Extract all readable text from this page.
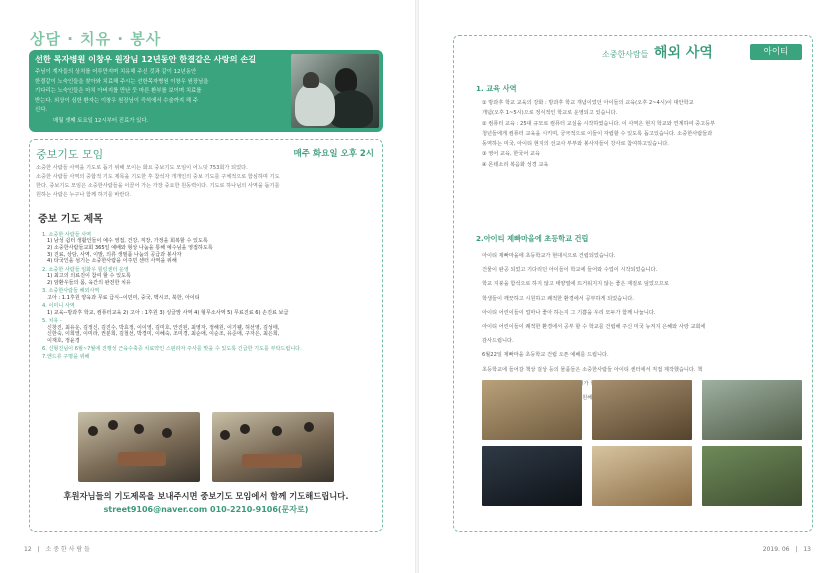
상담 · 치유 · 봉사
선한 목자병원 이창우 원장님 12년동안 한결같은 사랑의 손길
주님이 계자들의 상처를 어루만지며 치유해 주신 것과 같이 12년동안
한결같이 노숙인들을 찾아와 치료해 주시는 선한목자병원 이창우 원장님을
기다리는 노숙인들은 마치 아버지를 만난 듯 마른 환부를 보이며 치료를
받는다. 외상이 심한 환자는 이창우 원장님이 즉석에서 수술까지 해 주
신다.
매월 셋째 토요일 12시부터 진료가 있다.
중보기도 모임	매주 화요일 오후 2시
소중한 사람들 사역을 기도로 돕기 위해 모이는 화요 중보기도 모임이 어느덧 753회가 되었다.
소중한 사람들 사역의 중합적 기도 제목을 기도한 후 참석자 개개인의 중보 기도를 구체적으로 함심하며 기도
한다. 중보기도 모임은 소중한사람들을 이끌어 가는 가장 중요한 원동력이다. 기도로 하나님의 사역을 돕기를
원하는 사람은 누구나 함께 하기를 바란다.
중보 기도 제목
1. 소중한 사람들 사역
1) 남성 쉼터 생활인들이 예수 영접, 건강, 직장, 가정을 회복할 수 있도록
2) 소중한사람들교회 365일 예배와 형상 나눔을 통해 예수님을 영접하도록
3) 진료, 상담, 사역, 이발, 의류 생필품 나눔의 공급과 봉사자
4) 타국인을 섬기는 소중한사람을 이주민 센터 사역을 위해
2. 소중한 사람들 임화우 힐링센터 운영
1) 최고의 의료진이 참여 할 수 있도록
2) 암환우들의 몸, 육간의 완전한 치유
3. 소중한사람들 해외사역
고아 : 1.1후원 양육과 무료 급식--이민미, 중국, 멕시코, 북한, 아이티
4. 이미니 사역
1) 교육--방과후 학교, 컴퓨터교육 2) 고아 : 1후원 3) 싱글맘 사역 4) 형무소사역 5) 무료진료 6) 손진료 보급
5. 치유 -
신창진, 최유운, 김정신, 김진수, 박효정, 이이영, 김미호, 안진된, 최영자, 정해원, 이기웰, 허선영, 김성태,
신한숙, 이희열, 이미라, 권분희, 김철선, 박경미, 이혜숙, 조미경, 최순애, 이순조, 유준애, 구자은, 최은희,
이재호, 정윤경
6. 신형진님이 6월~7월에 진행성 근육수축증 치료약인 스핀라자 주사를 맞을 수 있도록 긴급한 기도를 부탁드립니다.
7.앤드류 구명을 위해
후원자님들의 기도제목을 보내주시면 중보기도 모임에서 함께 기도해드립니다.
street9106@naver.com 010-2210-9106(문자로)
12 | 소 중 한 사 람 들
소중한사람들 해외 사역	아이티
1. 교육 사역
① 방과후 학교 교육의 강화 : 방과후 학교 개념이었던 아이들의 교육(오후 2~4시)이 대안학교
개념(오후 1~5시)으로 정식적인 학교로 운영되고 있습니다.
② 컴퓨터 교육 : 25대 규모로 컴퓨터 교실을 시작하였습니다. 이 사역은 현지 학교와 연계하여 중고등부
청년들에게 컴퓨터 교육을 시키며, 궁극적으로 이들이 자립할 수 있도록 돕고있습니다. 소중한사람들과
동역하는 미국, 아이티 현지의 선교사 부부와 봉사자들이 강사로 참여하고있습니다.
③ 영어 교육, 한국어 교육
④ 몬테소리 복음화 성경 교육
2.아이티 제빠마을에 초등학교 건립
아이티 제빠마을에 초등학교가 현대식으로 건립되었습니다.
건물이 완공 되었고 기다리던 아이들이 학교에 들어와 수업이 시작되었습니다.
학교 지붕을 함석으로 하지 않고 태양열에 뜨거워지지 않는 좋은 재질로 덮었으므로
학생들이 깨끗하고 시원하고 쾌적한 환경에서 공부하게 되었습니다.
아이티 어린이들이 얼마나 좋아 하는지 그 기쁨을 우리 모두가 함께 나눕니다.
아이티 어린이들이 쾌적한 환경에서 공부 할 수 학교를 건립해 주신 미국 뉴저지 은혜와 사랑 교회에
감사드립니다.
6월22일 제빠마을 초등학교 건립 오픈 예배를 드립니다.
초등학교에 들어갈 책상 걸상 등의 물품들은 소중한사람들 아이티 센터에서 직접 제작했습니다. 책
후원해
2019. 06 | 13
